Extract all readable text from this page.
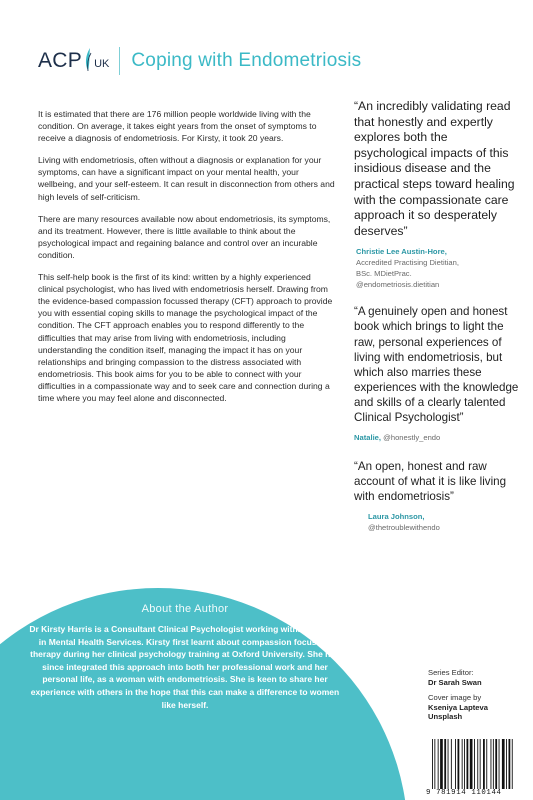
ACP UK Coping with Endometriosis

It is estimated that there are 176 million people worldwide living with the condition. On average, it takes eight years from the onset of symptoms to receive a diagnosis of endometriosis. For Kirsty, it took 20 years.

Living with endometriosis, often without a diagnosis or explanation for your symptoms, can have a significant impact on your mental health, your wellbeing, and your self-esteem. It can result in disconnection from others and high levels of self-criticism.

There are many resources available now about endometriosis, its symptoms, and its treatment. However, there is little available to think about the psychological impact and regaining balance and control over an incurable condition.

This self-help book is the first of its kind: written by a highly experienced clinical psychologist, who has lived with endometriosis herself. Drawing from the evidence-based compassion focussed therapy (CFT) approach to provide you with essential coping skills to manage the psychological impact of the condition. The CFT approach enables you to respond differently to the difficulties that may arise from living with endometriosis, including understanding the condition itself, managing the impact it has on your relationships and bringing compassion to the distress associated with endometriosis. This book aims for you to be able to connect with your difficulties in a compassionate way and to seek care and connection during a time where you may feel alone and disconnected.

“An incredibly validating read that honestly and expertly explores both the psychological impacts of this insidious disease and the practical steps toward healing with the compassionate care approach it so desperately deserves”
Christie Lee Austin-Hore,
Accredited Practising Dietitian,
BSc. MDietPrac.
@endometriosis.dietitian
“A genuinely open and honest book which brings to light the raw, personal experiences of living with endometriosis, but which also marries these experiences with the knowledge and skills of a clearly talented Clinical Psychologist”
Natalie, @honestly_endo
“An open, honest and raw account of what it is like living with endometriosis”
Laura Johnson,
@thetroublewithendo
About the Author
Dr Kirsty Harris is a Consultant Clinical Psychologist working within the NHS in Mental Health Services. Kirsty first learnt about compassion focussed therapy during her clinical psychology training at Oxford University. She has since integrated this approach into both her professional work and her personal life, as a woman with endometriosis. She is keen to share her experience with others in the hope that this can make a difference to women like herself.
Series Editor:
Dr Sarah Swan
Cover image by
Kseniya Lapteva
Unsplash
9 781914 110144
